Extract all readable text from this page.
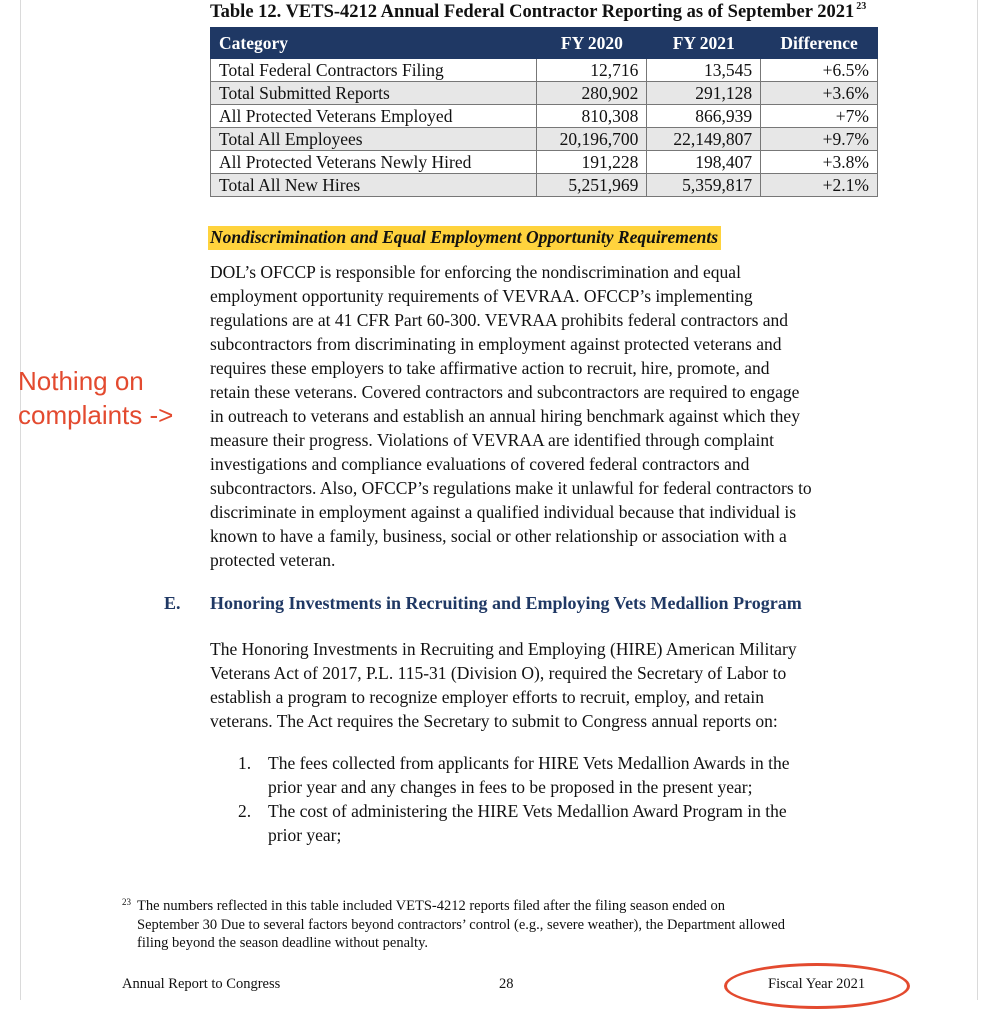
Table 12. VETS-4212 Annual Federal Contractor Reporting as of September 2021 $^{23}$
Category	FY 2020	FY 2021	Difference
Total Federal Contractors Filing	12,716	13,545	+6.5%
Total Submitted Reports	280,902	291,128	+3.6%
All Protected Veterans Employed	810,308	866,939	+7%
Total All Employees	20,196,700	22,149,807	+9.7%
All Protected Veterans Newly Hired	191,228	198,407	+3.8%
Total All New Hires	5,251,969	5,359,817	+2.1%
Nondiscrimination and Equal Employment Opportunity Requirements

DOL’s OFCCP is responsible for enforcing the nondiscrimination and equal
employment opportunity requirements of VEVRAA. OFCCP’s implementing
regulations are at 41 CFR Part 60-300. VEVRAA prohibits federal contractors and
subcontractors from discriminating in employment against protected veterans and
requires these employers to take affirmative action to recruit, hire, promote, and
retain these veterans. Covered contractors and subcontractors are required to engage
in outreach to veterans and establish an annual hiring benchmark against which they
measure their progress. Violations of VEVRAA are identified through complaint
investigations and compliance evaluations of covered federal contractors and
subcontractors. Also, OFCCP’s regulations make it unlawful for federal contractors to
discriminate in employment against a qualified individual because that individual is
known to have a family, business, social or other relationship or association with a
protected veteran.

Nothing on
complaints ->
E. Honoring Investments in Recruiting and Employing Vets Medallion Program

The Honoring Investments in Recruiting and Employing (HIRE) American Military
Veterans Act of 2017, P.L. 115-31 (Division O), required the Secretary of Labor to
establish a program to recognize employer efforts to recruit, employ, and retain
veterans. The Act requires the Secretary to submit to Congress annual reports on:

1. The fees collected from applicants for HIRE Vets Medallion Awards in the
prior year and any changes in fees to be proposed in the present year;
2. The cost of administering the HIRE Vets Medallion Award Program in the
prior year;
23 The numbers reflected in this table included VETS-4212 reports filed after the filing season ended on
September 30 Due to several factors beyond contractors’ control (e.g., severe weather), the Department allowed
filing beyond the season deadline without penalty.
Annual Report to Congress	28	Fiscal Year 2021
